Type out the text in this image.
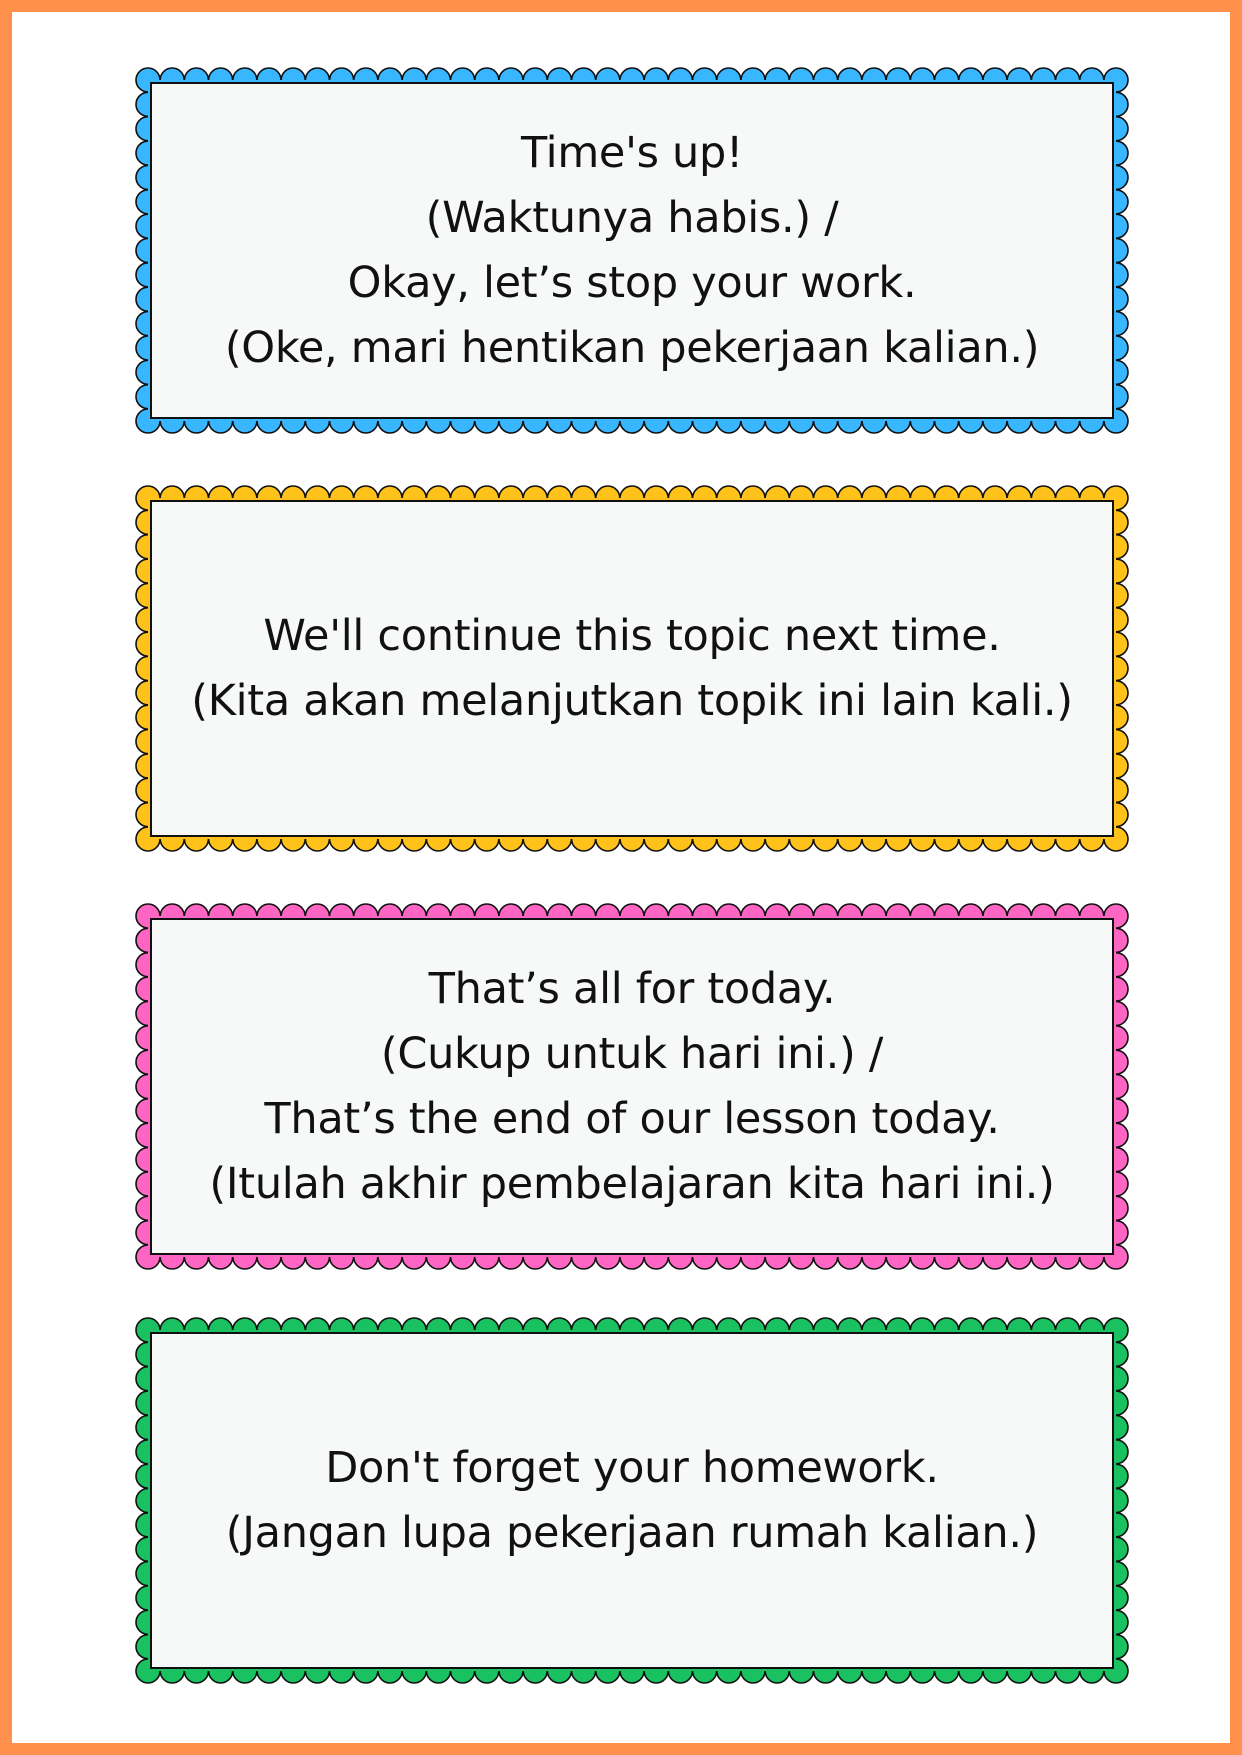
Time's up!
(Waktunya habis.) /
Okay, let’s stop your work.
(Oke, mari hentikan pekerjaan kalian.)
We'll continue this topic next time.
(Kita akan melanjutkan topik ini lain kali.)
That’s all for today.
(Cukup untuk hari ini.) /
That’s the end of our lesson today.
(Itulah akhir pembelajaran kita hari ini.)
Don't forget your homework.
(Jangan lupa pekerjaan rumah kalian.)
